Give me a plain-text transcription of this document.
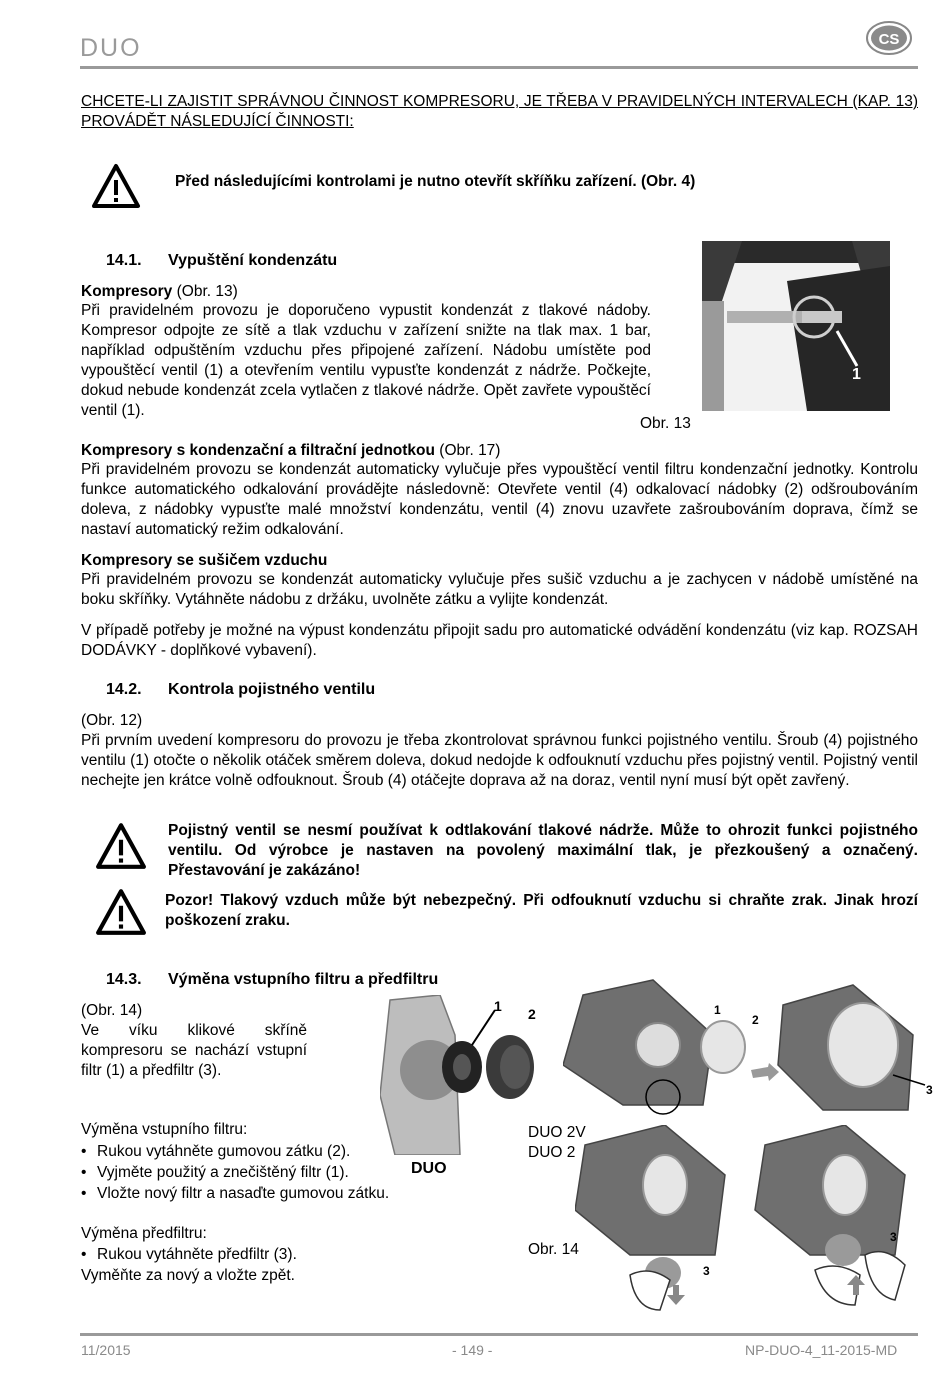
DUO	CS

CHCETE-LI ZAJISTIT SPRÁVNOU ČINNOST KOMPRESORU, JE TŘEBA V PRAVIDELNÝCH INTERVALECH (KAP. 13) PROVÁDĚT NÁSLEDUJÍCÍ ČINNOSTI:

Před následujícími kontrolami je nutno otevřít skříňku zařízení. (Obr. 4)

14.1. Vypuštění kondenzátu

Kompresory (Obr. 13)

Při pravidelném provozu je doporučeno vypustit kondenzát z tlakové nádoby. Kompresor odpojte ze sítě a tlak vzduchu v zařízení snižte na tlak max. 1 bar, například odpuštěním vzduchu přes připojené zařízení. Nádobu umístěte pod vypouštěcí ventil (1) a otevřením ventilu vypusťte kondenzát z nádrže. Počkejte, dokud nebude kondenzát zcela vytlačen z tlakové nádrže. Opět zavřete vypouštěcí ventil (1).

1
Obr. 13

Kompresory s kondenzační a filtrační jednotkou (Obr. 17)

Při pravidelném provozu se kondenzát automaticky vylučuje přes vypouštěcí ventil filtru kondenzační jednotky. Kontrolu funkce automatického odkalování provádějte následovně: Otevřete ventil (4) odkalovací nádobky (2) odšroubováním doleva, z nádobky vypusťte malé množství kondenzátu, ventil (4) znovu uzavřete zašroubováním doprava, čímž se nastaví automatický režim odkalování.

Kompresory se sušičem vzduchu

Při pravidelném provozu se kondenzát automaticky vylučuje přes sušič vzduchu a je zachycen v nádobě umístěné na boku skříňky. Vytáhněte nádobu z držáku, uvolněte zátku a vylijte kondenzát.

V případě potřeby je možné na výpust kondenzátu připojit sadu pro automatické odvádění kondenzátu (viz kap. ROZSAH DODÁVKY - doplňkové vybavení).

14.2. Kontrola pojistného ventilu

(Obr. 12)

Při prvním uvedení kompresoru do provozu je třeba zkontrolovat správnou funkci pojistného ventilu. Šroub (4) pojistného ventilu (1) otočte o několik otáček směrem doleva, dokud nedojde k odfouknutí vzduchu přes pojistný ventil. Pojistný ventil nechejte jen krátce volně odfouknout. Šroub (4) otáčejte doprava až na doraz, ventil nyní musí být opět zavřený.

Pojistný ventil se nesmí používat k odtlakování tlakové nádrže. Může to ohrozit funkci pojistného ventilu. Od výrobce je nastaven na povolený maximální tlak, je přezkoušený a označený. Přestavování je zakázáno!

Pozor! Tlakový vzduch může být nebezpečný. Při odfouknutí vzduchu si chraňte zrak. Jinak hrozí poškození zraku.

14.3. Výměna vstupního filtru a předfiltru

(Obr. 14)

Ve víku klikové skříně kompresoru se nachází vstupní filtr (1) a předfiltr (3).

Výměna vstupního filtru:

• Rukou vytáhněte gumovou zátku (2).
• Vyjměte použitý a znečištěný filtr (1).
• Vložte nový filtr a nasaďte gumovou zátku.

Výměna předfiltru:

• Rukou vytáhněte předfiltr (3).

Vyměňte za nový a vložte zpět.

1 2
DUO
1
2
3
DUO 2V
DUO 2
3
3
Obr. 14
11/2015	- 149 -	NP-DUO-4_11-2015-MD
